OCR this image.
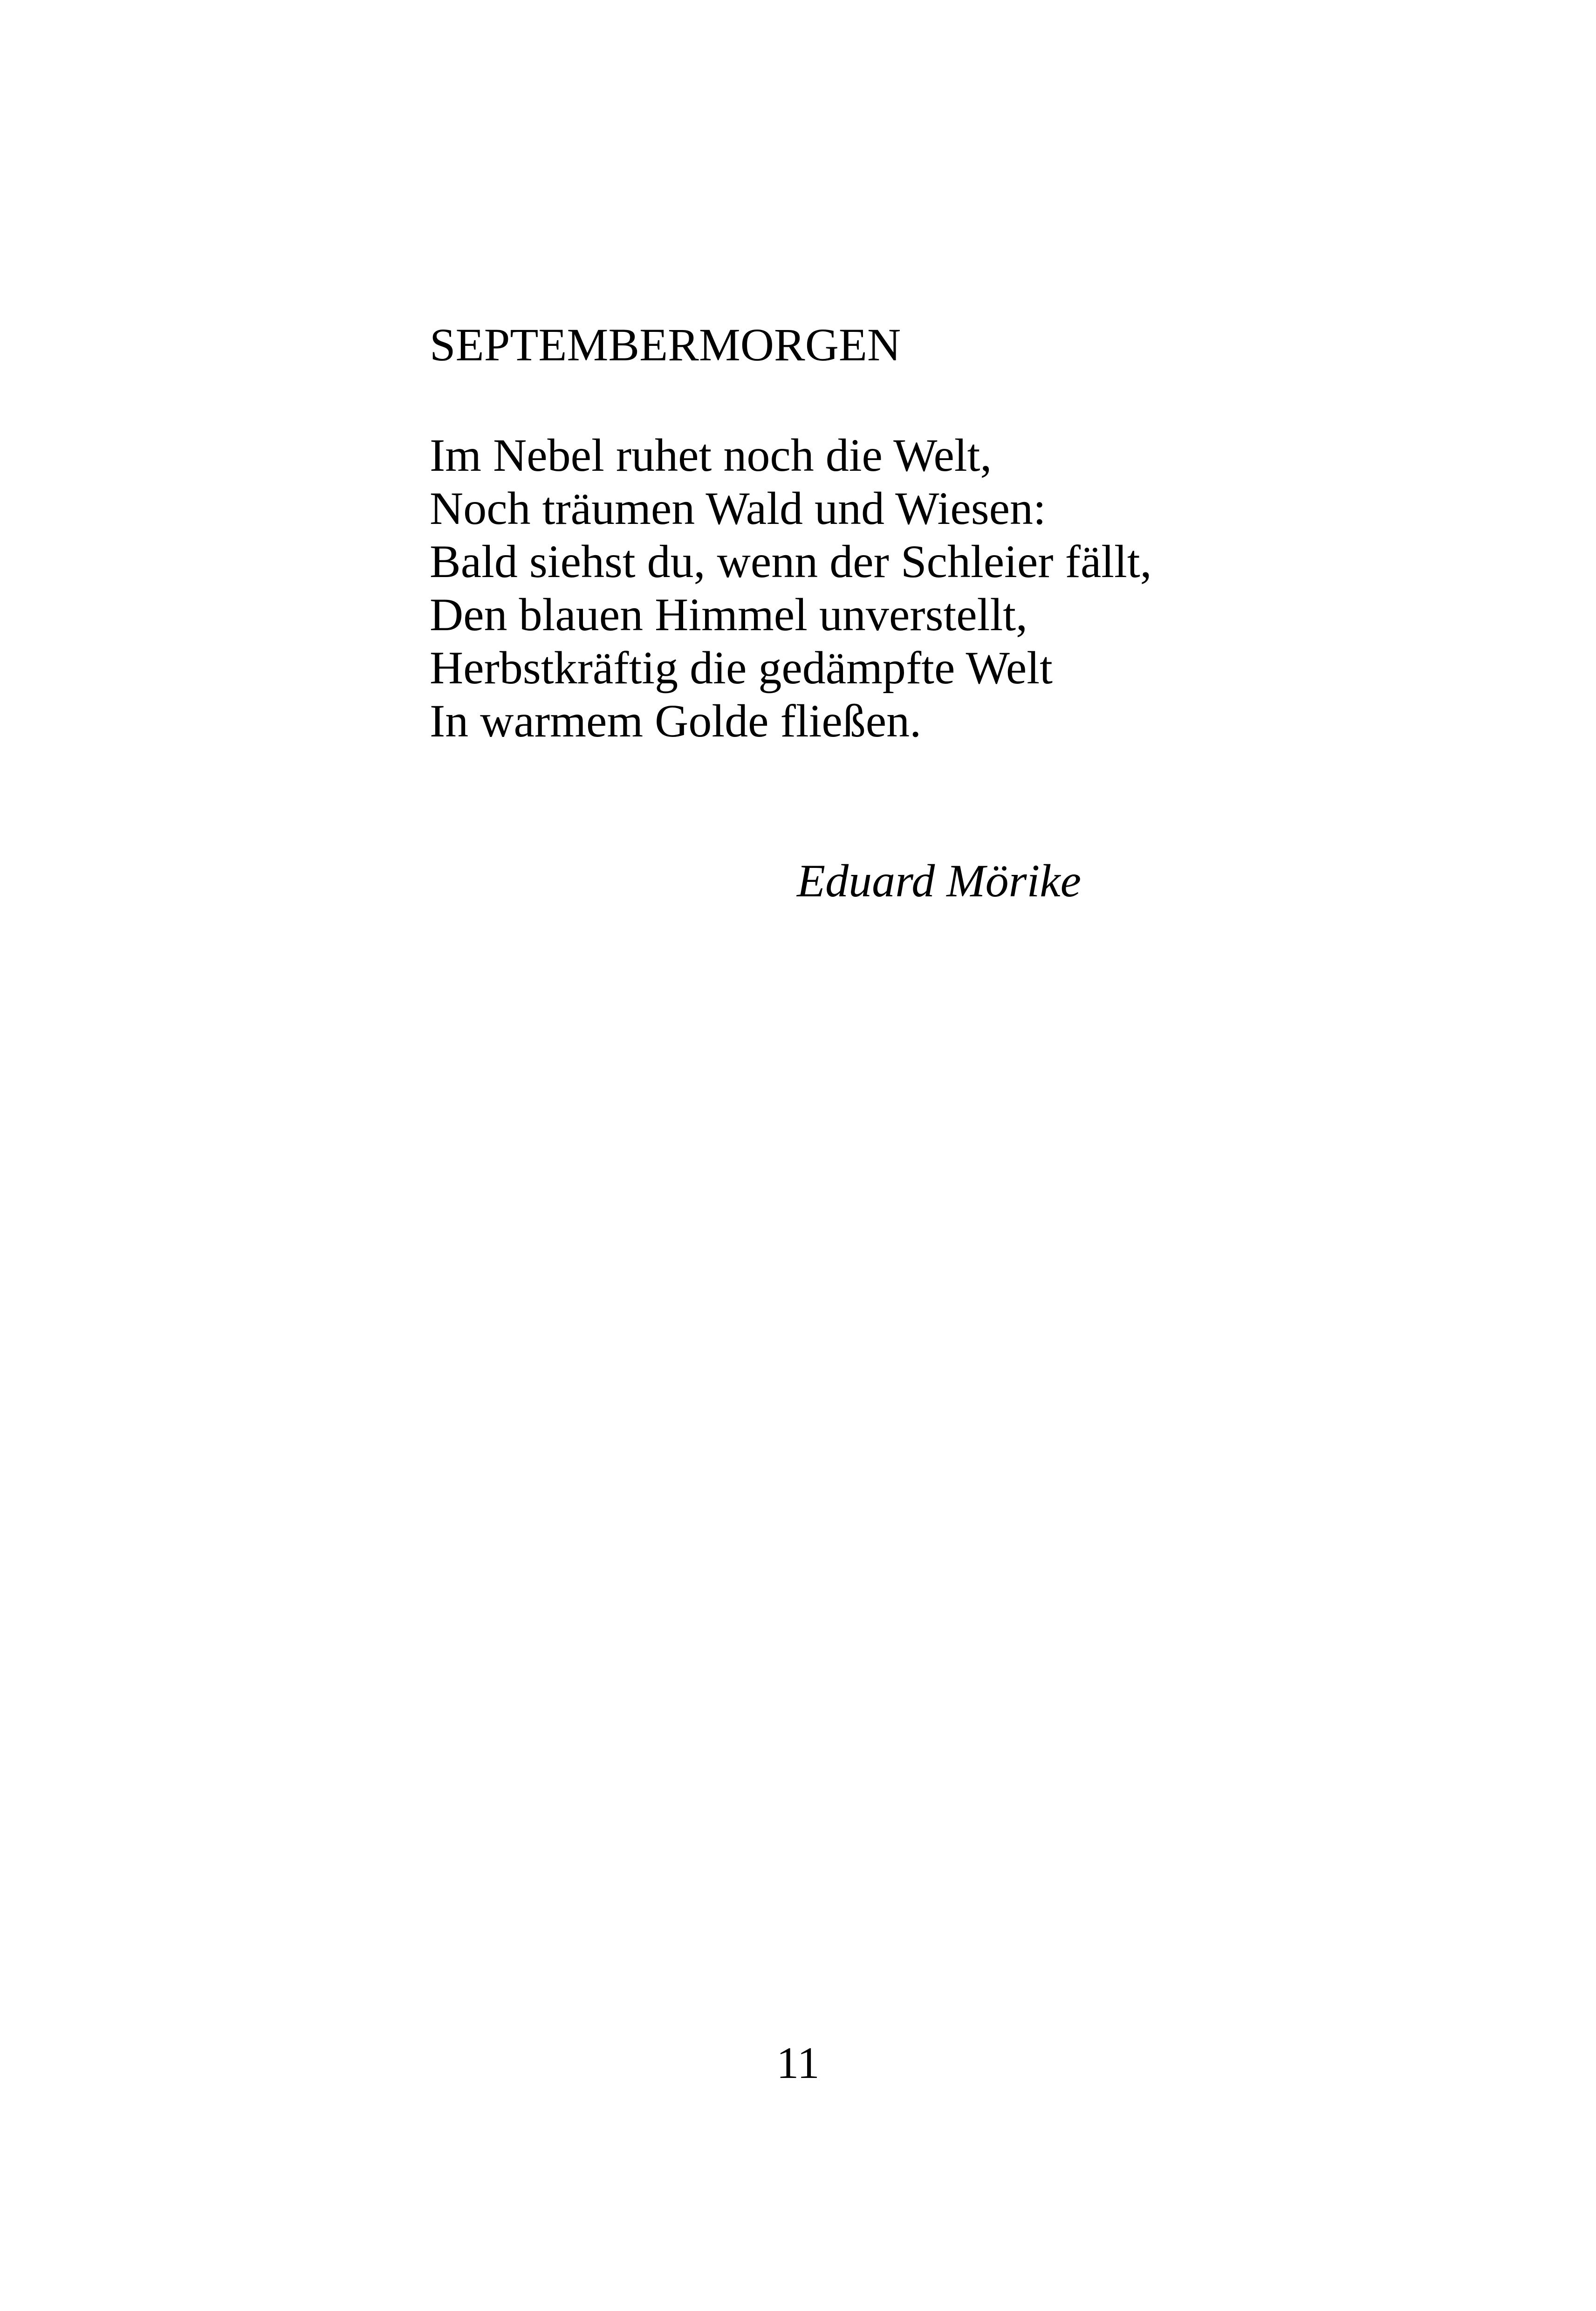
SEPTEMBERMORGEN
Im Nebel ruhet noch die Welt,
Noch träumen Wald und Wiesen:
Bald siehst du, wenn der Schleier fällt,
Den blauen Himmel unverstellt,
Herbstkräftig die gedämpfte Welt
In warmem Golde fließen.
Eduard Mörike
11
